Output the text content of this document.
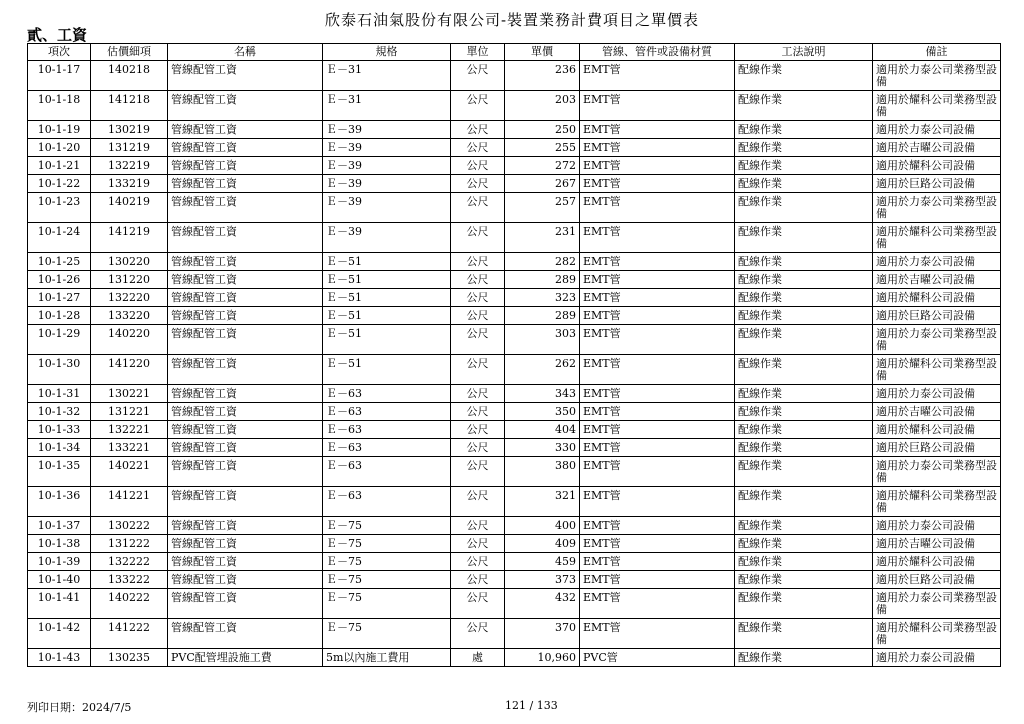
欣泰石油氣股份有限公司-裝置業務計費項目之單價表
貳、工資
項次	估價細項	名稱	規格	單位	單價	管線、管件或設備材質	工法說明	備註
10-1-17	140218	管線配管工資	Ｅ－31	公尺	236	EMT管	配線作業	適用於力泰公司業務型設備
10-1-18	141218	管線配管工資	Ｅ－31	公尺	203	EMT管	配線作業	適用於耀科公司業務型設備
10-1-19	130219	管線配管工資	Ｅ－39	公尺	250	EMT管	配線作業	適用於力泰公司設備
10-1-20	131219	管線配管工資	Ｅ－39	公尺	255	EMT管	配線作業	適用於吉曜公司設備
10-1-21	132219	管線配管工資	Ｅ－39	公尺	272	EMT管	配線作業	適用於耀科公司設備
10-1-22	133219	管線配管工資	Ｅ－39	公尺	267	EMT管	配線作業	適用於巨路公司設備
10-1-23	140219	管線配管工資	Ｅ－39	公尺	257	EMT管	配線作業	適用於力泰公司業務型設備
10-1-24	141219	管線配管工資	Ｅ－39	公尺	231	EMT管	配線作業	適用於耀科公司業務型設備
10-1-25	130220	管線配管工資	Ｅ－51	公尺	282	EMT管	配線作業	適用於力泰公司設備
10-1-26	131220	管線配管工資	Ｅ－51	公尺	289	EMT管	配線作業	適用於吉曜公司設備
10-1-27	132220	管線配管工資	Ｅ－51	公尺	323	EMT管	配線作業	適用於耀科公司設備
10-1-28	133220	管線配管工資	Ｅ－51	公尺	289	EMT管	配線作業	適用於巨路公司設備
10-1-29	140220	管線配管工資	Ｅ－51	公尺	303	EMT管	配線作業	適用於力泰公司業務型設備
10-1-30	141220	管線配管工資	Ｅ－51	公尺	262	EMT管	配線作業	適用於耀科公司業務型設備
10-1-31	130221	管線配管工資	Ｅ－63	公尺	343	EMT管	配線作業	適用於力泰公司設備
10-1-32	131221	管線配管工資	Ｅ－63	公尺	350	EMT管	配線作業	適用於吉曜公司設備
10-1-33	132221	管線配管工資	Ｅ－63	公尺	404	EMT管	配線作業	適用於耀科公司設備
10-1-34	133221	管線配管工資	Ｅ－63	公尺	330	EMT管	配線作業	適用於巨路公司設備
10-1-35	140221	管線配管工資	Ｅ－63	公尺	380	EMT管	配線作業	適用於力泰公司業務型設備
10-1-36	141221	管線配管工資	Ｅ－63	公尺	321	EMT管	配線作業	適用於耀科公司業務型設備
10-1-37	130222	管線配管工資	Ｅ－75	公尺	400	EMT管	配線作業	適用於力泰公司設備
10-1-38	131222	管線配管工資	Ｅ－75	公尺	409	EMT管	配線作業	適用於吉曜公司設備
10-1-39	132222	管線配管工資	Ｅ－75	公尺	459	EMT管	配線作業	適用於耀科公司設備
10-1-40	133222	管線配管工資	Ｅ－75	公尺	373	EMT管	配線作業	適用於巨路公司設備
10-1-41	140222	管線配管工資	Ｅ－75	公尺	432	EMT管	配線作業	適用於力泰公司業務型設備
10-1-42	141222	管線配管工資	Ｅ－75	公尺	370	EMT管	配線作業	適用於耀科公司業務型設備
10-1-43	130235	PVC配管埋設施工費	5m以內施工費用	處	10,960	PVC管	配線作業	適用於力泰公司設備
列印日期：2024/7/5	121 / 133
